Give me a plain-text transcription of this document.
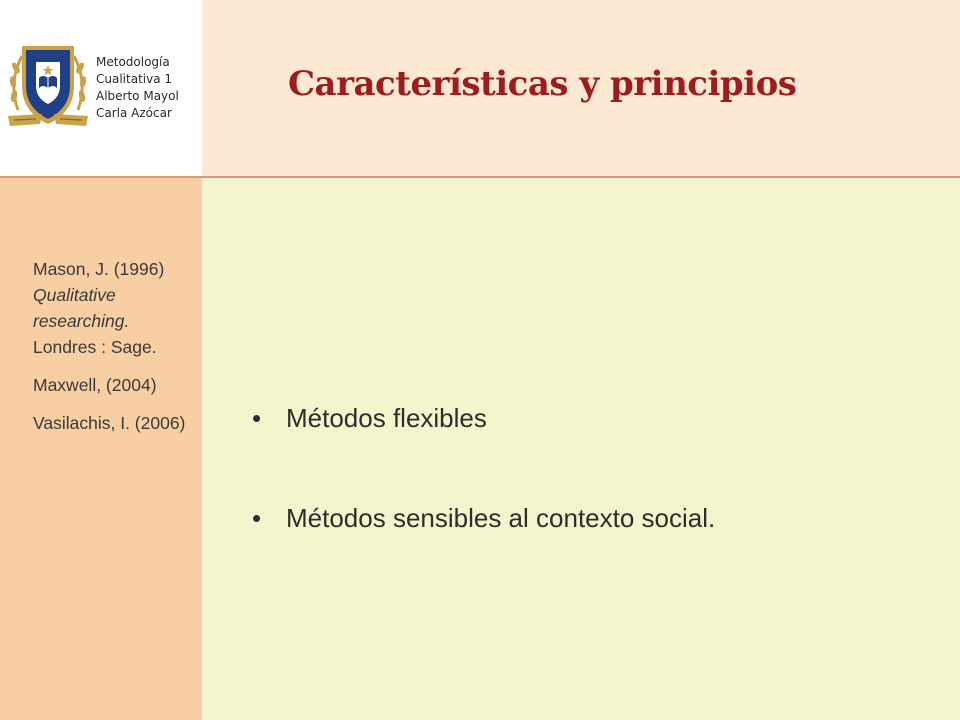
Metodología
Cualitativa 1
Alberto Mayol
Carla Azócar
Características y principios

Mason, J. (1996) Qualitative researching. Londres : Sage.

Maxwell, (2004)

Vasilachis, I. (2006)	• Métodos flexibles
• Métodos sensibles al contexto social.
